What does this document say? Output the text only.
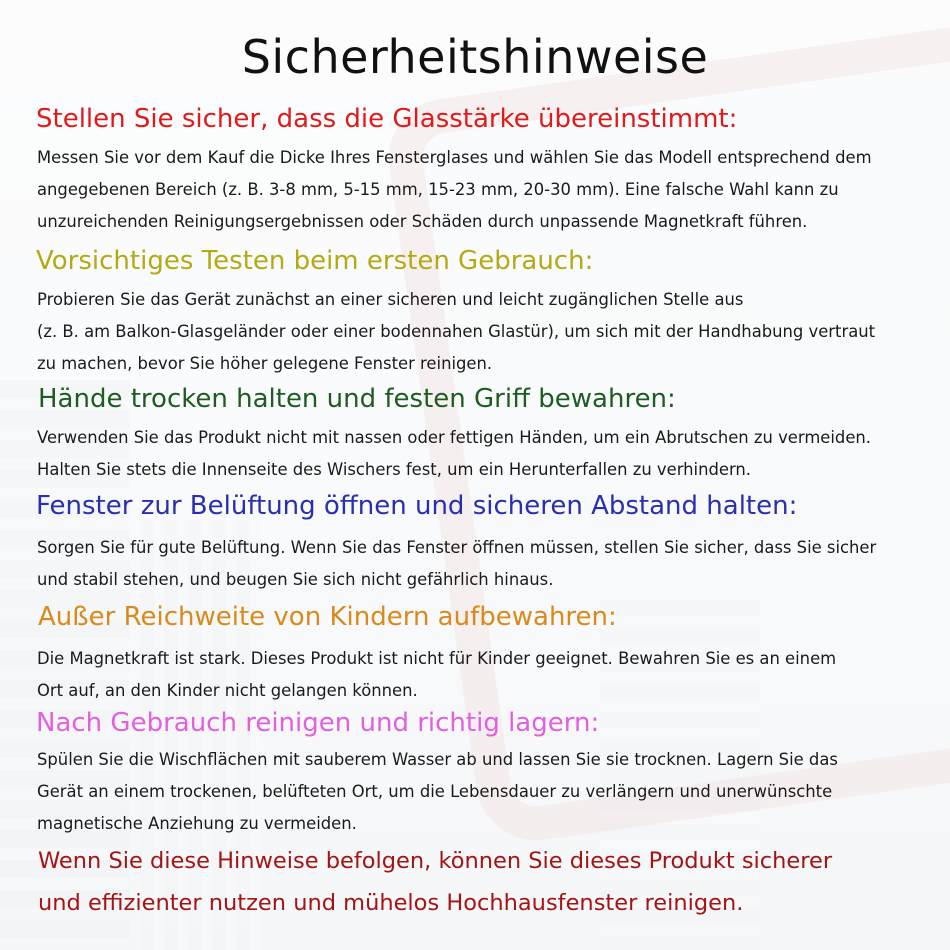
Sicherheitshinweise
Stellen Sie sicher, dass die Glasstärke übereinstimmt:
Messen Sie vor dem Kauf die Dicke Ihres Fensterglases und wählen Sie das Modell entsprechend dem
angegebenen Bereich (z. B. 3-8 mm, 5-15 mm, 15-23 mm, 20-30 mm). Eine falsche Wahl kann zu
unzureichenden Reinigungsergebnissen oder Schäden durch unpassende Magnetkraft führen.
Vorsichtiges Testen beim ersten Gebrauch:
Probieren Sie das Gerät zunächst an einer sicheren und leicht zugänglichen Stelle aus
(z. B. am Balkon-Glasgeländer oder einer bodennahen Glastür), um sich mit der Handhabung vertraut
zu machen, bevor Sie höher gelegene Fenster reinigen.
Hände trocken halten und festen Griff bewahren:
Verwenden Sie das Produkt nicht mit nassen oder fettigen Händen, um ein Abrutschen zu vermeiden.
Halten Sie stets die Innenseite des Wischers fest, um ein Herunterfallen zu verhindern.
Fenster zur Belüftung öffnen und sicheren Abstand halten:
Sorgen Sie für gute Belüftung. Wenn Sie das Fenster öffnen müssen, stellen Sie sicher, dass Sie sicher
und stabil stehen, und beugen Sie sich nicht gefährlich hinaus.
Außer Reichweite von Kindern aufbewahren:
Die Magnetkraft ist stark. Dieses Produkt ist nicht für Kinder geeignet. Bewahren Sie es an einem
Ort auf, an den Kinder nicht gelangen können.
Nach Gebrauch reinigen und richtig lagern:
Spülen Sie die Wischflächen mit sauberem Wasser ab und lassen Sie sie trocknen. Lagern Sie das
Gerät an einem trockenen, belüfteten Ort, um die Lebensdauer zu verlängern und unerwünschte
magnetische Anziehung zu vermeiden.
Wenn Sie diese Hinweise befolgen, können Sie dieses Produkt sicherer
und effizienter nutzen und mühelos Hochhausfenster reinigen.
